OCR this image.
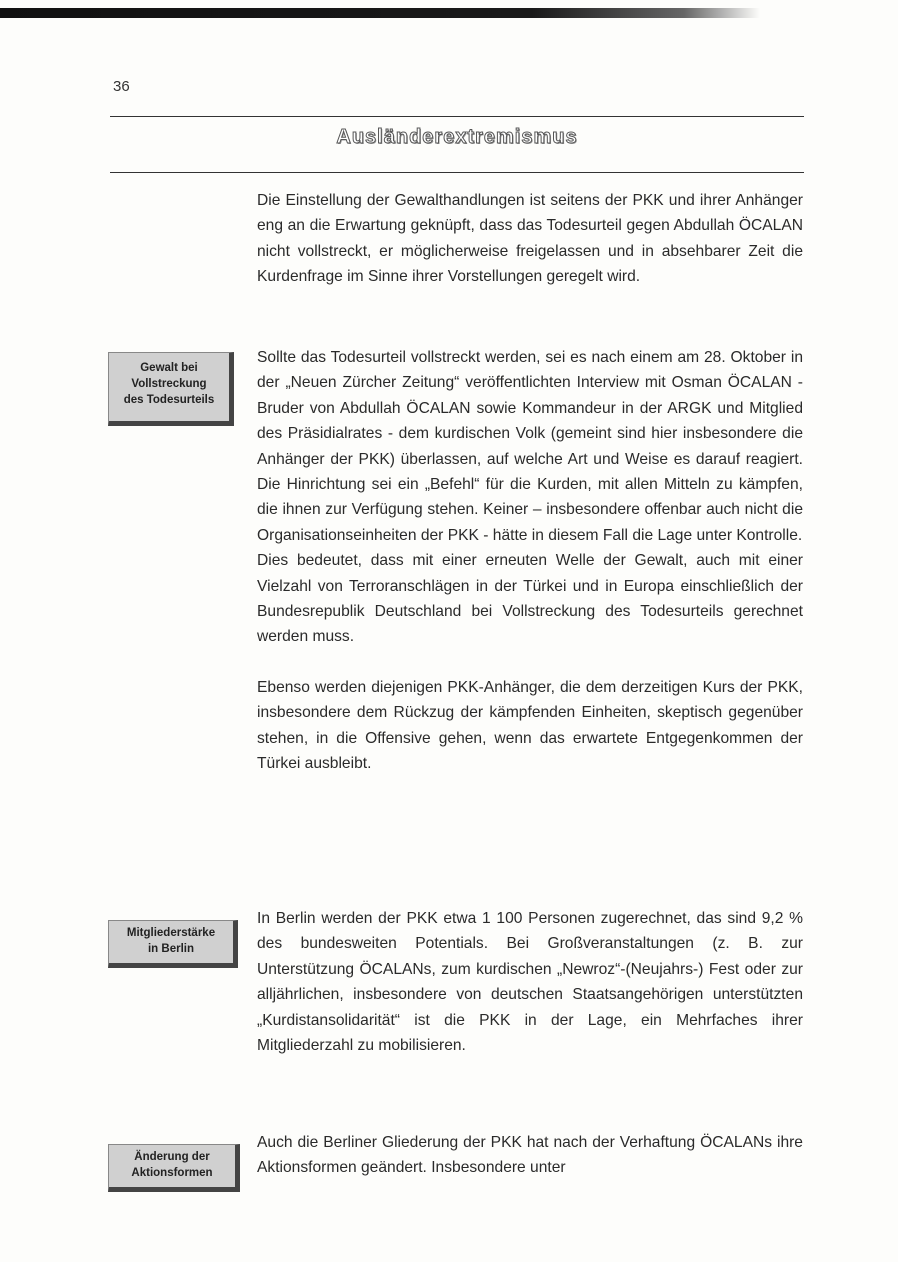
36
Ausländerextremismus
Gewalt bei
Vollstreckung
des Todesurteils
Mitgliederstärke
in Berlin
Änderung der
Aktionsformen

Die Einstellung der Gewalthandlungen ist seitens der PKK und ihrer Anhänger eng an die Erwartung geknüpft, dass das Todesurteil gegen Abdullah ÖCALAN nicht vollstreckt, er möglicherweise freigelassen und in absehbarer Zeit die Kurdenfrage im Sinne ihrer Vorstellungen geregelt wird.

Sollte das Todesurteil vollstreckt werden, sei es nach einem am 28. Oktober in der „Neuen Zürcher Zeitung“ veröffentlichten Interview mit Osman ÖCALAN - Bruder von Abdullah ÖCALAN sowie Kommandeur in der ARGK und Mitglied des Präsidialrates - dem kurdischen Volk (gemeint sind hier insbesondere die Anhänger der PKK) überlassen, auf welche Art und Weise es darauf reagiert. Die Hinrichtung sei ein „Befehl“ für die Kurden, mit allen Mitteln zu kämpfen, die ihnen zur Verfügung stehen. Keiner – insbesondere offenbar auch nicht die Organisationseinheiten der PKK - hätte in diesem Fall die Lage unter Kontrolle.

Dies bedeutet, dass mit einer erneuten Welle der Gewalt, auch mit einer Vielzahl von Terroranschlägen in der Türkei und in Europa einschließlich der Bundesrepublik Deutschland bei Vollstreckung des Todesurteils gerechnet werden muss.

Ebenso werden diejenigen PKK-Anhänger, die dem derzeitigen Kurs der PKK, insbesondere dem Rückzug der kämpfenden Einheiten, skeptisch gegenüber stehen, in die Offensive gehen, wenn das erwartete Entgegenkommen der Türkei ausbleibt.

In Berlin werden der PKK etwa 1 100 Personen zugerechnet, das sind 9,2 % des bundesweiten Potentials. Bei Großveranstaltungen (z. B. zur Unterstützung ÖCALANs, zum kurdischen „Newroz“-(Neujahrs-) Fest oder zur alljährlichen, insbesondere von deutschen Staatsangehörigen unterstützten „Kurdistansolidarität“ ist die PKK in der Lage, ein Mehrfaches ihrer Mitgliederzahl zu mobilisieren.

Auch die Berliner Gliederung der PKK hat nach der Verhaftung ÖCALANs ihre Aktionsformen geändert. Insbesondere unter
